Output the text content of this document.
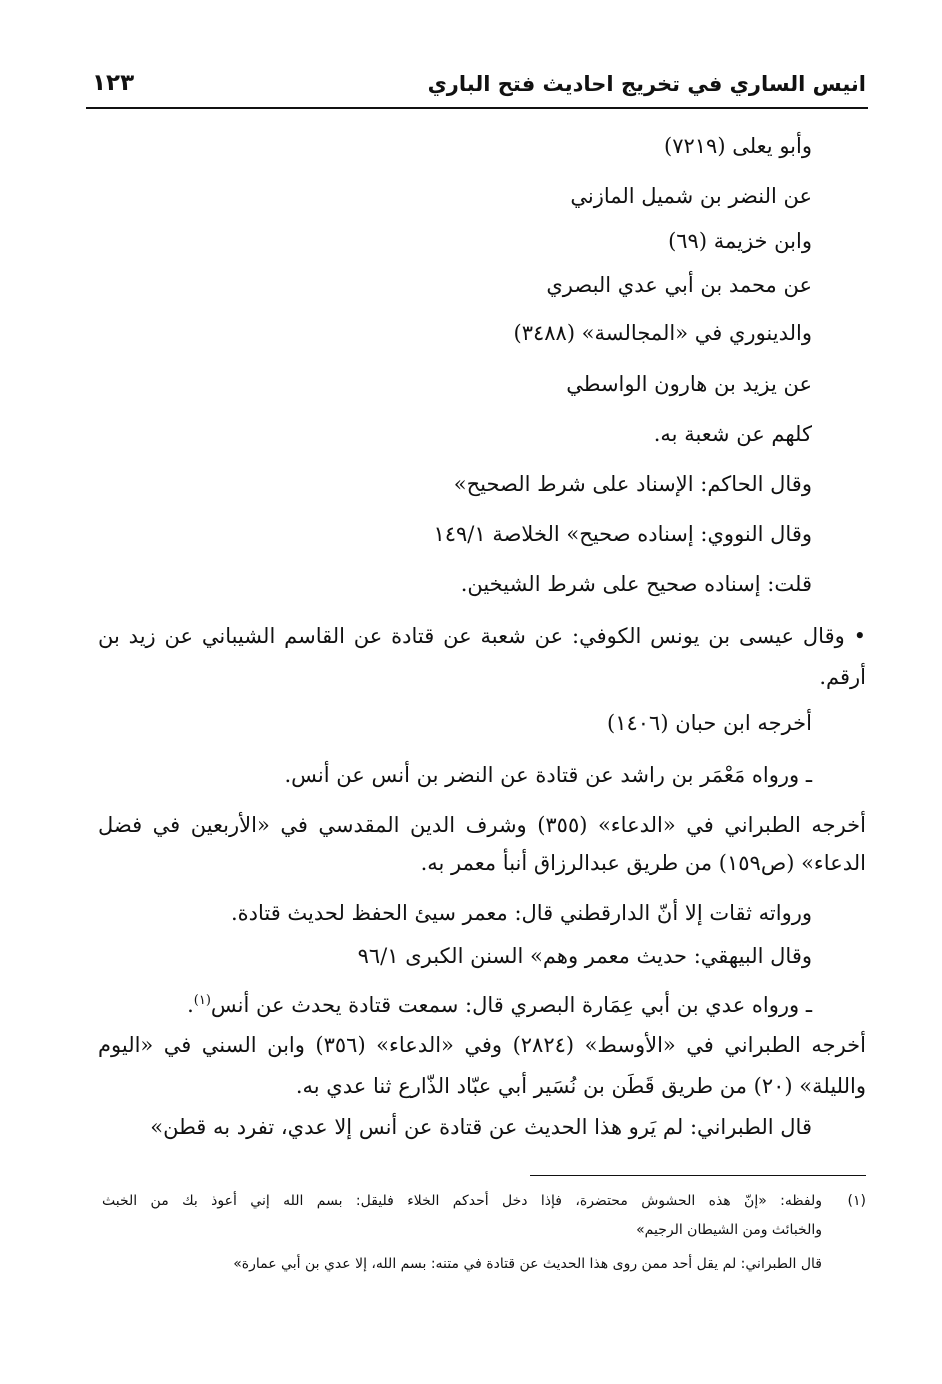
انيس الساري في تخريج احاديث فتح الباري
١٢٣
وأبو يعلى (٧٢١٩)
عن النضر بن شميل المازني
وابن خزيمة (٦٩)
عن محمد بن أبي عدي البصري
والدينوري في «المجالسة» (٣٤٨٨)
عن يزيد بن هارون الواسطي
كلهم عن شعبة به.
وقال الحاكم: الإسناد على شرط الصحيح»
وقال النووي: إسناده صحيح» الخلاصة ١٤٩/١
قلت: إسناده صحيح على شرط الشيخين.
• وقال عيسى بن يونس الكوفي: عن شعبة عن قتادة عن القاسم الشيباني عن زيد بن
أرقم.
أخرجه ابن حبان (١٤٠٦)
ـ ورواه مَعْمَر بن راشد عن قتادة عن النضر بن أنس عن أنس.
أخرجه الطبراني في «الدعاء» (٣٥٥) وشرف الدين المقدسي في «الأربعين في فضل
الدعاء» (ص١٥٩) من طريق عبدالرزاق أنبأ معمر به.
ورواته ثقات إلا أنّ الدارقطني قال: معمر سيئ الحفظ لحديث قتادة.
وقال البيهقي: حديث معمر وهم» السنن الكبرى ٩٦/١
ـ ورواه عدي بن أبي عِمَارة البصري قال: سمعت قتادة يحدث عن أنس$^{(١)}$.
أخرجه الطبراني في «الأوسط» (٢٨٢٤) وفي «الدعاء» (٣٥٦) وابن السني في «اليوم
والليلة» (٢٠) من طريق قَطَن بن نُسَير أبي عبّاد الذّارع ثنا عدي به.
قال الطبراني: لم يَرو هذا الحديث عن قتادة عن أنس إلا عدي، تفرد به قطن»
(١)
ولفظه: «إنّ هذه الحشوش محتضرة، فإذا دخل أحدكم الخلاء فليقل: بسم الله إني أعوذ بك من الخبث
والخبائث ومن الشيطان الرجيم»
قال الطبراني: لم يقل أحد ممن روى هذا الحديث عن قتادة في متنه: بسم الله، إلا عدي بن أبي عمارة»
